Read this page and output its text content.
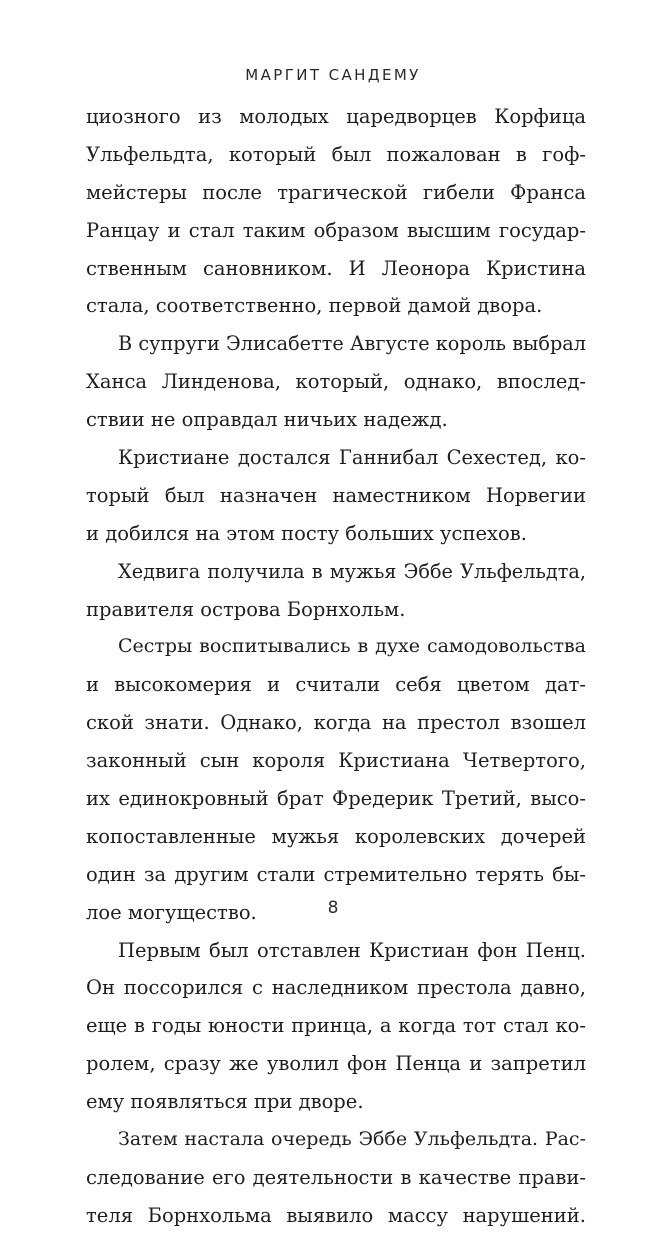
МАРГИТ САНДЕМУ
циозного из молодых царедворцев Корфица
Ульфельдта, который был пожалован в гоф-
мейстеры после трагической гибели Франса
Ранцау и стал таким образом высшим государ-
ственным сановником. И Леонора Кристина
стала, соответственно, первой дамой двора.
В супруги Элисабетте Августе король выбрал
Ханса Линденова, который, однако, впослед-
ствии не оправдал ничьих надежд.
Кристиане достался Ганнибал Сехестед, ко-
торый был назначен наместником Норвегии
и добился на этом посту больших успехов.
Хедвига получила в мужья Эббе Ульфельдта,
правителя острова Борнхольм.
Сестры воспитывались в духе самодовольства
и высокомерия и считали себя цветом дат-
ской знати. Однако, когда на престол взошел
законный сын короля Кристиана Четвертого,
их единокровный брат Фредерик Третий, высо-
копоставленные мужья королевских дочерей
один за другим стали стремительно терять бы-
лое могущество.
Первым был отставлен Кристиан фон Пенц.
Он поссорился с наследником престола давно,
еще в годы юности принца, а когда тот стал ко-
ролем, сразу же уволил фон Пенца и запретил
ему появляться при дворе.
Затем настала очередь Эббе Ульфельдта. Рас-
следование его деятельности в качестве прави-
теля Борнхольма выявило массу нарушений.
8
